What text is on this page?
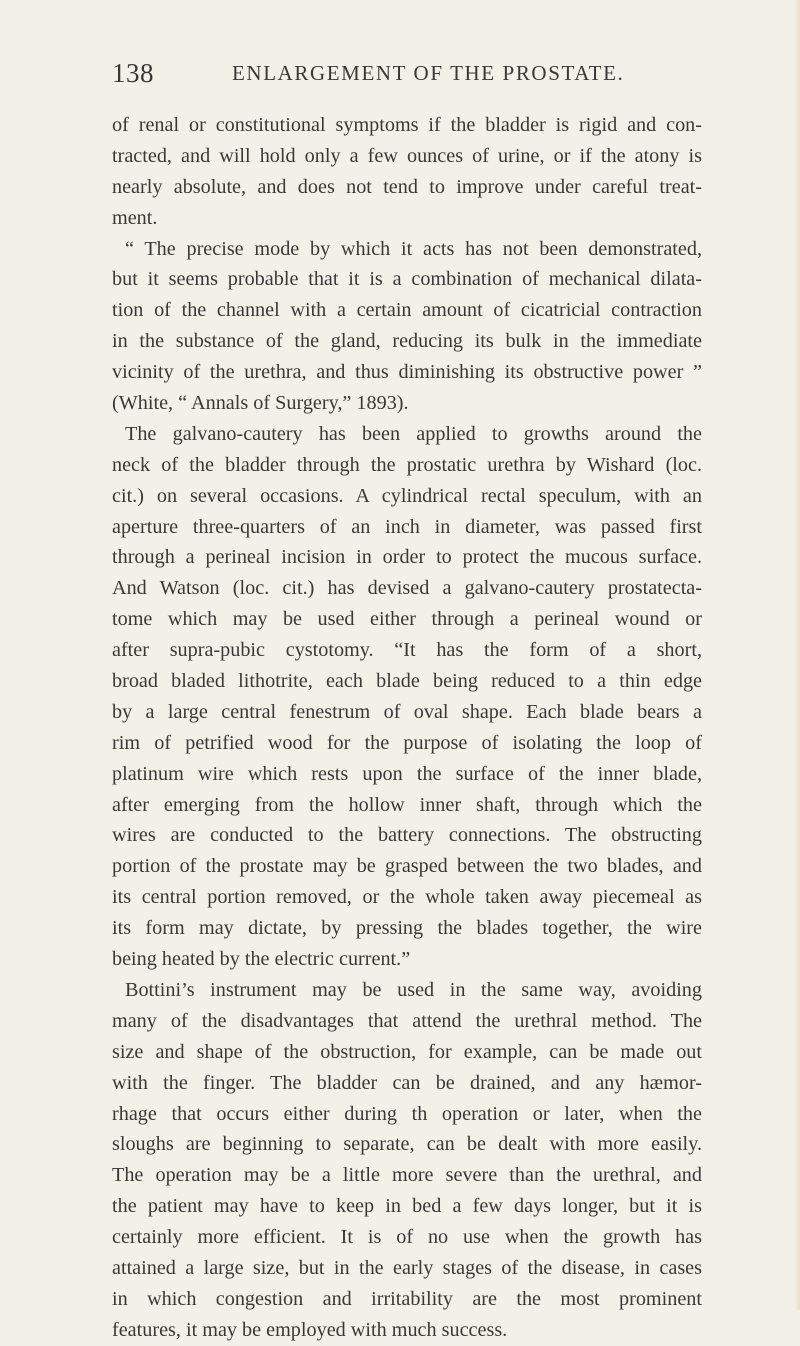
138	ENLARGEMENT OF THE PROSTATE.
of renal or constitutional symptoms if the bladder is rigid and con-
tracted, and will hold only a few ounces of urine, or if the atony is
nearly absolute, and does not tend to improve under careful treat-
ment.
“ The precise mode by which it acts has not been demonstrated,
but it seems probable that it is a combination of mechanical dilata-
tion of the channel with a certain amount of cicatricial contraction
in the substance of the gland, reducing its bulk in the immediate
vicinity of the urethra, and thus diminishing its obstructive power ”
(White, “ Annals of Surgery,” 1893).
The galvano-cautery has been applied to growths around the
neck of the bladder through the prostatic urethra by Wishard (loc.
cit.) on several occasions. A cylindrical rectal speculum, with an
aperture three-quarters of an inch in diameter, was passed first
through a perineal incision in order to protect the mucous surface.
And Watson (loc. cit.) has devised a galvano-cautery prostatecta-
tome which may be used either through a perineal wound or
after supra-pubic cystotomy. “It has the form of a short,
broad bladed lithotrite, each blade being reduced to a thin edge
by a large central fenestrum of oval shape. Each blade bears a
rim of petrified wood for the purpose of isolating the loop of
platinum wire which rests upon the surface of the inner blade,
after emerging from the hollow inner shaft, through which the
wires are conducted to the battery connections. The obstructing
portion of the prostate may be grasped between the two blades, and
its central portion removed, or the whole taken away piecemeal as
its form may dictate, by pressing the blades together, the wire
being heated by the electric current.”
Bottini’s instrument may be used in the same way, avoiding
many of the disadvantages that attend the urethral method. The
size and shape of the obstruction, for example, can be made out
with the finger. The bladder can be drained, and any hæmor-
rhage that occurs either during th operation or later, when the
sloughs are beginning to separate, can be dealt with more easily.
The operation may be a little more severe than the urethral, and
the patient may have to keep in bed a few days longer, but it is
certainly more efficient. It is of no use when the growth has
attained a large size, but in the early stages of the disease, in cases
in which congestion and irritability are the most prominent
features, it may be employed with much success.
